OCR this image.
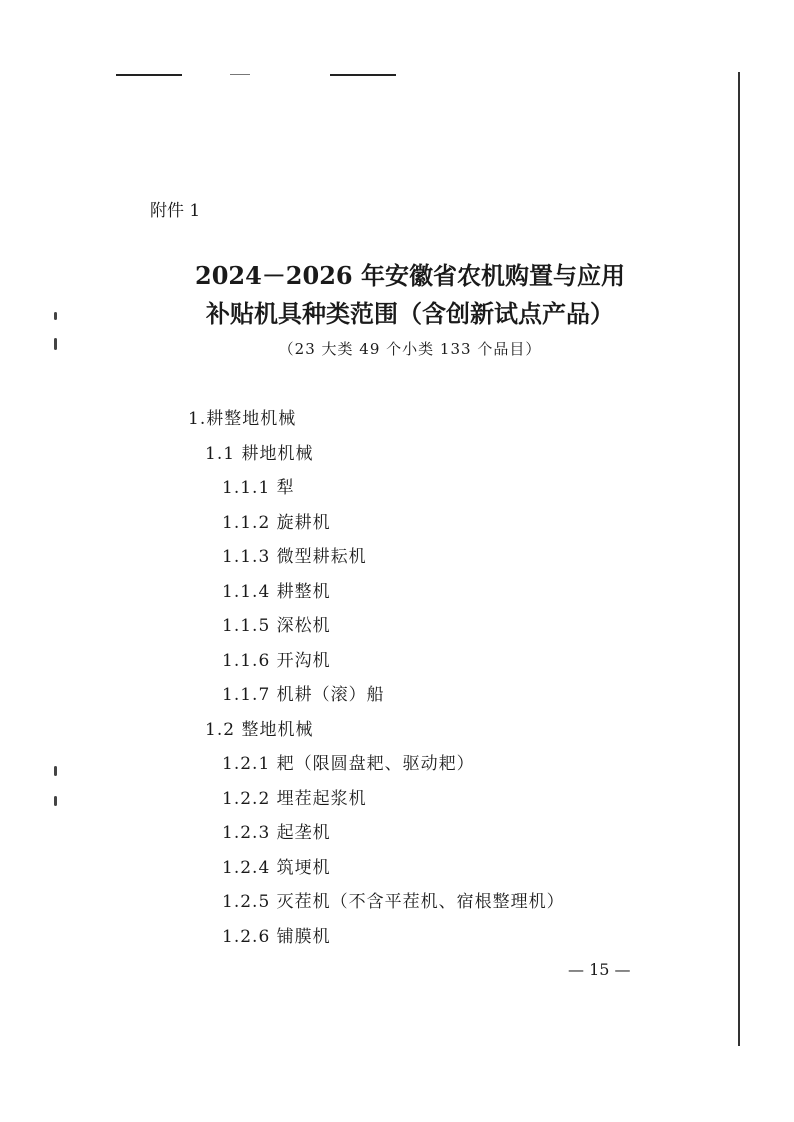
附件 1
2024－2026 年安徽省农机购置与应用
补贴机具种类范围（含创新试点产品）
（23 大类 49 个小类 133 个品目）
1.耕整地机械
1.1 耕地机械
1.1.1 犁
1.1.2 旋耕机
1.1.3 微型耕耘机
1.1.4 耕整机
1.1.5 深松机
1.1.6 开沟机
1.1.7 机耕（滚）船
1.2 整地机械
1.2.1 耙（限圆盘耙、驱动耙）
1.2.2 埋茬起浆机
1.2.3 起垄机
1.2.4 筑埂机
1.2.5 灭茬机（不含平茬机、宿根整理机）
1.2.6 铺膜机
— 15 —
